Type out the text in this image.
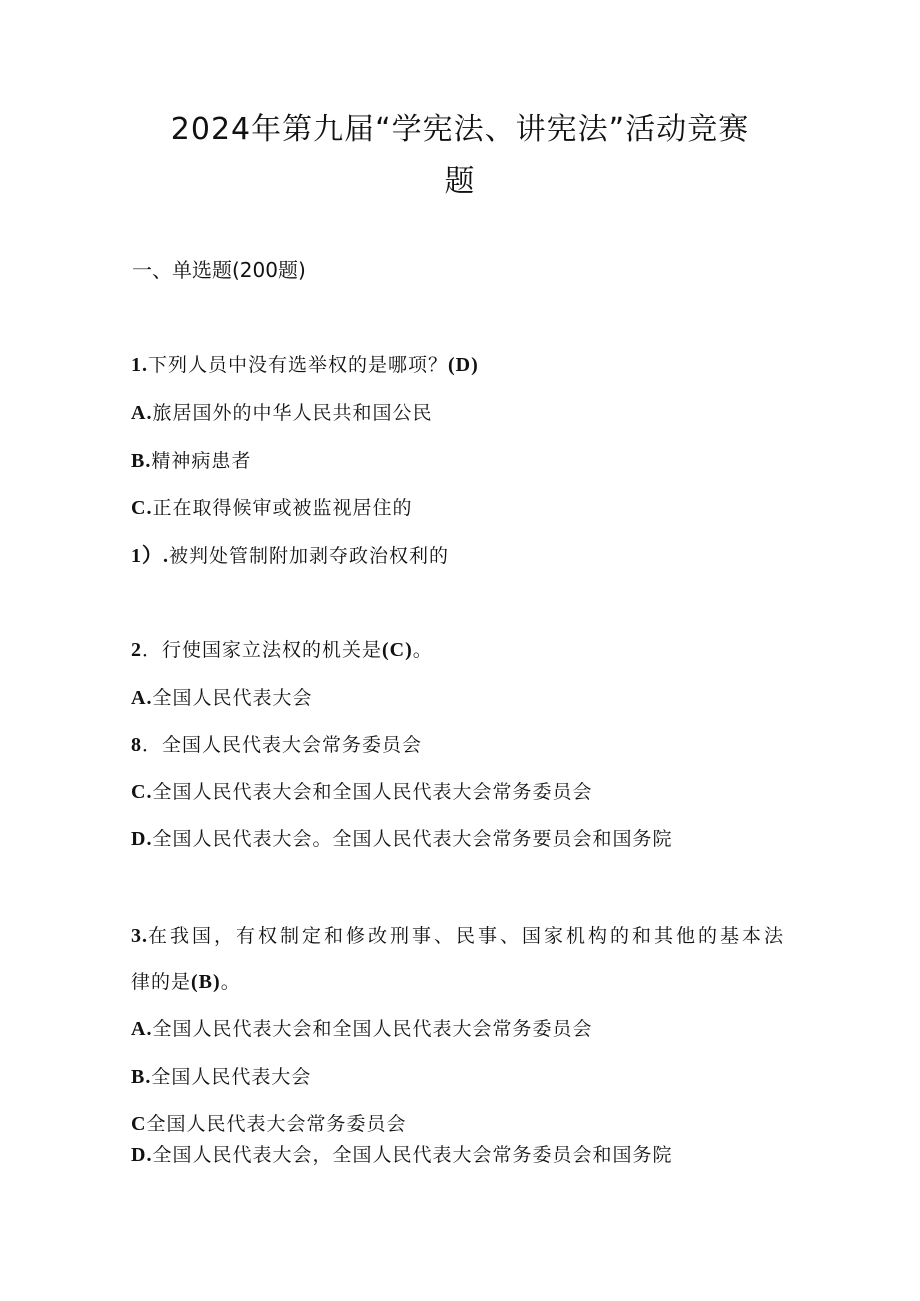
2024年第九届“学宪法、讲宪法”活动竞赛
题
一、单选题(200题)
1.下列人员中没有选举权的是哪项？(D)
A.旅居国外的中华人民共和国公民
B.精神病患者
C.正在取得候审或被监视居住的
1）.被判处管制附加剥夺政治权利的
2．行使国家立法权的机关是(C)。
A.全国人民代表大会
8．全国人民代表大会常务委员会
C.全国人民代表大会和全国人民代表大会常务委员会
D.全国人民代表大会。全国人民代表大会常务要员会和国务院
3.在我国，有权制定和修改刑事、民事、国家机构的和其他的基本法
律的是(B)。
A.全国人民代表大会和全国人民代表大会常务委员会
B.全国人民代表大会
C全国人民代表大会常务委员会
D.全国人民代表大会，全国人民代表大会常务委员会和国务院
